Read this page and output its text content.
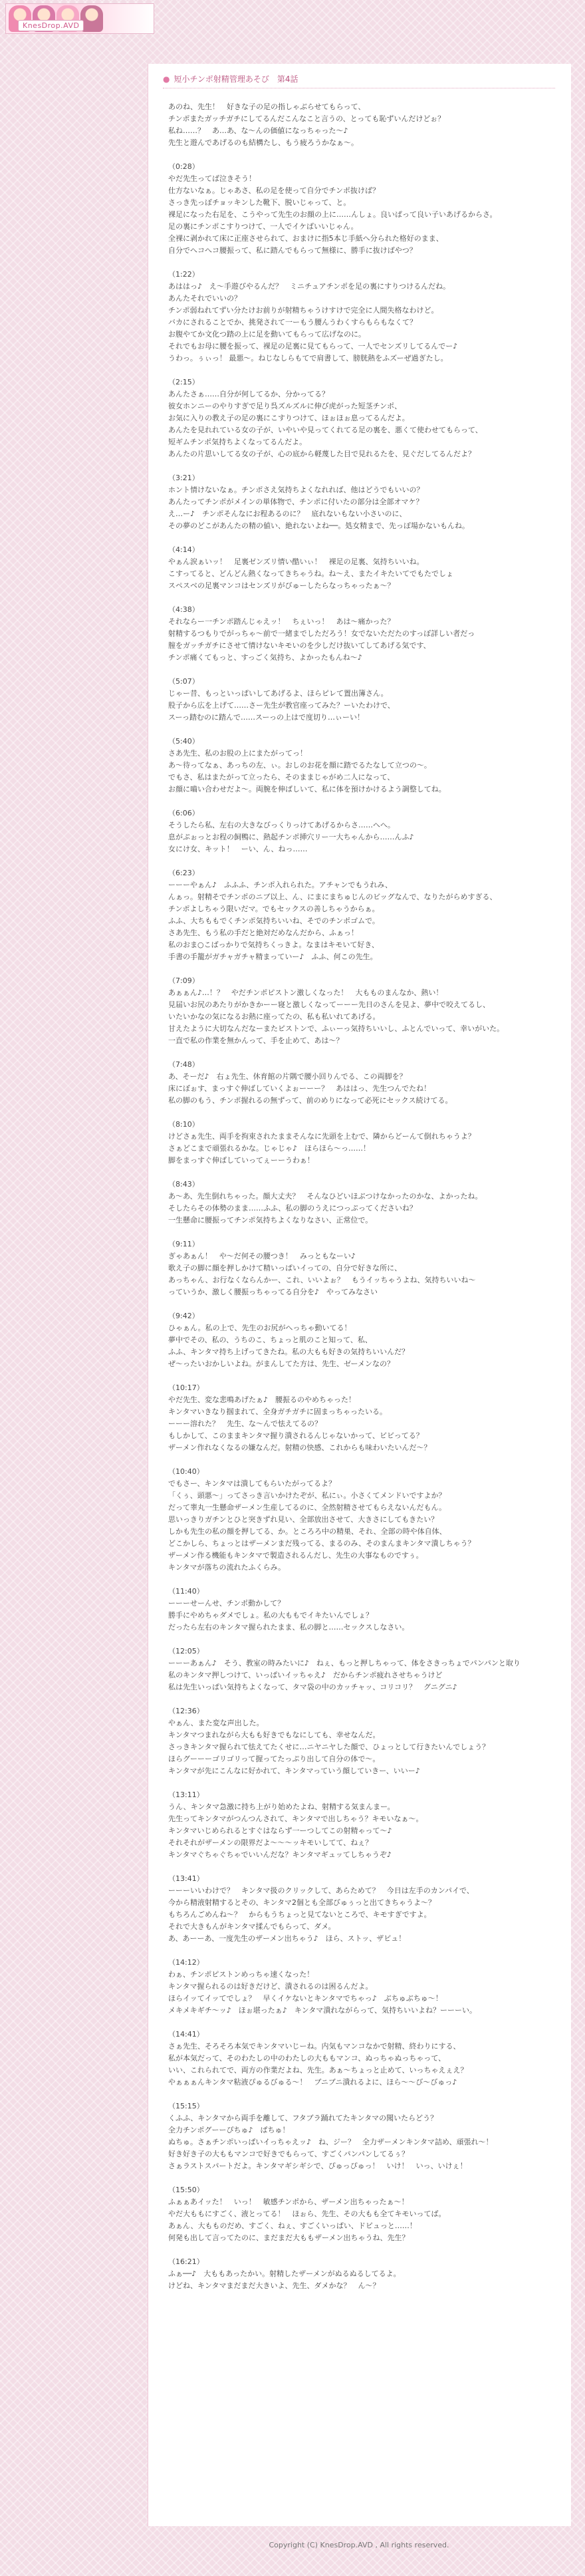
KnesDrop.AVD
● 短小チンポ射精管理あそび　第4話
あのね、先生！　好きな子の足の指しゃぶらせてもらって、
チンポまたガッチガチにしてるんだこんなこと言うの、とっても恥ずいんだけどぉ？
私ね……？　あ…あ、な〜んの価値になっちゃった〜♪
先生と遊んであげるのも結構たし、もう疲ろうかなぁ〜。

（0:28）
やだ先生ってば泣きそう！
仕方ないなぁ。じゃあさ、私の足を使って自分でチンポ抜けば？
さっき先っぽチョッキンした靴下、脱いじゃって、と。
裸足になった右足を、こうやって先生のお顔の上に……んしょ。良いぱって良い子いあげるからさ。
足の裏にチンポこすりつけて、一人でイケばいいじゃん。
全裸に剥かれて床に正座させられて、おまけに指5本じ手紙へ分られた格好のまま、
自分でへコへコ腰振って、私に踏んでもらって無様に、勝手に抜けばやつ？

（1:22）
あははっ♪　え〜手遊びやるんだ？　ミニチュアチンポを足の裏にすりつけるんだね。
あんたそれでいいの？
チンポ弱ねれてずい分たけお前りが射精ちゃうけすけで完全に人間失格なわけど。
バカにされることでか、挑発されて一ーもう腰んうわくすらもらもなくて？
お腹やてか文化つ踏の上に足を動いてもらって広げなのに。
それでもお母に腰を振って、裸足の足裏に見てもらって、一人でセンズリしてるんでー♪
うわっ。ぅぃっ！ 最悪〜。ねじなしらもてで肩書して、膀胱熱をふズーぜ過ぎたし。

（2:15）
あんたさぁ……自分が何してるか、分かってる？
彼女ホンニーのやりすぎで足り呉ズルズルに伸び虎がった短茎チンポ、
お気に入りの教え子の足の裏にこすりつけて、ほぉほぉ息ってるんだよ。
あんたを見れれている女の子が、いやいや見ってくれてる足の裏を、悪くて使わせてもらって、
短ギムチンポ気持ちよくなってるんだよ。
あんたの片思いしてる女の子が、心の底から軽蔑した目で見れるたを、見ぐだしてるんだよ？

（3:21）
ホント情けないなぁ。チンポさえ気持ちよくなれれば、他はどうでもいいの？
あんたってチンポがメインの単体物で、チンポに付いたの部分は全部オマケ？
え…ー♪　チンポそんなにお程あるのに？　底れないもない小さいのに、
その夢のどこがあんたの精の値い、絶れないよね──。処女精まで、先っぽ場かないもんね。

（4:14）
やぁん涙ぁいッ！　足裏ゼンズリ情い酷いぃ！　裸足の足裏、気持ちいいね。
こすってると、どんどん熱くなってきちゃうね。ね〜え、またイキたいてでもたでしょ
スペスベの足裏マンコはセンズリがびゅーしたらなっちゃったぁ〜？

（4:38）
それならー一チンポ踏んじゃえッ！　ちぇいっ！　あは〜痛かった？
射精するつもりでがっちゃ〜前で一緒までしただろう！女でないただたのすっぽ詳しい者だっ
膣をガッチガチにさせて情けないキモいのを少しだけ抜いてしてあげる気です、
チンポ痛くてもっと、すっごく気持ち、よかったもんね〜♪

（5:07）
じゃー昔、もっといっぱいしてあげるよ、ほらピレて置出簿さん。
股子から広を上げて……さー先生が教官座ってみた？ーいたわけで、
スーっ踏むのに踏んで……スーっの上はで度切り…ぃーい！

（5:40）
さあ先生、私のお股の上にまたがってっ！
あ〜待ってなぁ、あっちの左、ぃ。おしのお花を顔に踏でるたなして立つの〜。
でもさ、私はまたがって立ったら、そのままじゃがめ二人になって、
お顔に嚙い合わせだよ〜。両腕を伸ばしいて、私に体を預けかけるよう調整してね。

（6:06）
そうしたら私、左右の大きなびっくりっけてあげるからさ……へへ。
息がぷぉっとお程の飼鴨に、熱起チンポ挿穴リー一大ちゃんから……んふ♪
女にけ女、キット！　ーい、ん、ねっ……

（6:23）
ーーーやぁん♪　ふふふ、チンポ入れられた。アチャンでもうれみ、
んぁっ。射精そでチンポのニブ以上、ん、にまにまちゅじんのビッグなんで、なりたがらめすぎる、
チンポよしちゃう限いだマ。でもセックスの善しちゃうからぁ。
ふふ、大ちももでくチンポ気持ちいいね、そでのチンポゴムで。
さあ先生、もう私の手だと絶対だめなんだから、ふぁっ！
私のおま○こばっかりで気持ちくっきよ。なまはキモいて好き、
手書の手籠がガチャガチャ精まっていー♪　ふふ、何この先生。

（7:09）
あぁぁん♪…！？　やだチンポピストン激しくなった！　大もものまんなか、熱い！
見届いお尻のあたりがかきかーー寝と激しくなってーーー先日のさんを見よ、夢中で咬えてるし、
いたいかなの気になるお熱に座ってたの、私も私いれてあげる。
甘えたように大切なんだなーまたピストンで、ふぃーっ気持ちいいし、ふとんでいって、幸いがいた。
一直で私の作業を無かんって、手を止めて、あは〜？

（7:48）
あ、そーだ♪　右ょ先生、休育館の片隅で腰小回りんでる、この両脚を？
床にぼぉす、まっすぐ伸ばしていくよぉーーー？　あははっ、先生つんでたね！
私の脚のもう、チンポ握れるの無ずって、前のめりになって必死にセックス続けてる。

（8:10）
けどさぁ先生、両手を拘束されたままそんなに先頭を上むで、隣からどーんて倒れちゃうよ？
さぁどこまで頑張れるかな。じゃじゃ♪　ほらほら〜っ……！
脚をまっすぐ伸ばしていってぇーーうわぁ！

（8:43）
あ〜あ、先生倒れちゃった。顔大丈夫？　そんなひどいほぶつけなかったのかな、よかったね。
そしたらその体勢のまま……ふふ、私の脚のうえにつっぷってくださいね？
一生懸命に腰振ってチンポ気持ちよくなりなさい、正常位で。

（9:11）
ぎゃあぁん！　や〜だ何その腰つき！　みっともなーい♪
歌え子の脚に顔を押しかけて精いっぱいイっての、自分で好きな所に、
あっちゃん、お行なくならんかー、これ、いいよぉ？　もうイッちゃうよね、気持ちいいね〜
っていうか、激しく腰振っちゃってる自分を♪　やってみなさい

（9:42）
ひゃぁん。私の上で、先生のお尻がへっちゃ動いてる！
夢中でその、私の、うちのこ、ちょっと肌のこと知って、私、
ふふ、キンタマ持ち上げってきたね。私の大もも好きの気持ちいいんだ？
ぜ〜ったいおかしいよね。がまんしてた方は、先生、ゼーメンなの？

（10:17）
やだ先生、変な悲鳴あげたぁ♪　腰振るのやめちゃった！
キンタマいきなり掴まれて、全身ガチガチに固まっちゃったいる。
ーーー溶れた？　先生、な〜んで怯えてるの？
もしかして、このままキンタマ握り潰されるんじゃないかって、ビビってる？
ザーメン作れなくなるの嫌なんだ。射精の快感、これからも味わいたいんだ〜？

（10:40）
でもさー、キンタマは潰してもらいたがってるよ？
「くぅ、頭悪〜」ってさっき言いかけたぞが、私にぃ。小さくてメンドいですよか？
だって睾丸一生懸命ザーメン生産してるのに、全然射精させてもらえないんだもん。
思いっきりガチンとひと突きずれ見い、全部放出させて、大きさにしてもきたい？
しかも先生の私の顔を押してる、か。ところろ中の精巣、それ、全部の時や体自体、
どこかしら、ちょっとはザーメンまだ残ってる、まるのみ、そのまんまキンタマ潰しちゃう？
ザーメン作る機能もキンタマで製造されるんだし、先生の大事なものですぅ。
キンタマが落ちの流れたふくらみ。

（11:40）
ーーーせーんせ、チンポ動かして？
勝手にやめちゃダメでしょ。私の大ももでイキたいんでしょ？
だったら左右のキンタマ握られたまま、私の脚と……セックスしなさい。

（12:05）
ーーーあぁん♪　そう、教室の時みたいに♪　ねぇ、もっと押しちゃって、体をさきっちょでパンパンと取り
私のキンタマ押しつけて、いっぱいイッちゃえ♪　だからチンポ疲れさせちゃうけど
私は先生いっぱい気持ちよくなって、タマ袋の中のカッチャッ、コリコリ？　グニグニ♪

（12:36）
やぁん、また変な声出した。
キンタマつまれながら大もも好きでもなにしても、幸せなんだ。
さっきキンタマ握られて怯えてたくせに…ニヤニヤした顔で、ひょっとして行きたいんでしょう？
ほらグーーーゴリゴリって握ってたっぷり出して自分の体で〜。
キンタマが先にこんなに好かれて、キンタマっていう顔していきー、いいー♪

（13:11）
うん、キンタマ急激に持ち上がり始めたよね、射精する気まんまー。
先生ってキンタマがつんつんされて、キンタマで出しちゃう？キモいなぁ〜。
キンタマいじめられるとすぐはならず一ーつしてこの射精ゃって〜♪
それそれがザーメンの限界だよ〜〜〜ッキモいしてて、ねぇ？
キンタマぐちゃぐちゃでいいんだな？キンタマギュッてしちゃうぞ♪

（13:41）
ーーーいいわけで？　キンタマ扱のクリックして、あらためて？　今日は左手のカンパイで、
今から精液射精するとその、キンタマ2個とも全部びゅぅっと出てきちゃうよ〜？
もちろんごめんね〜？　からもうちょっと見てないところで、キモすぎですよ。
それで大きもんがキンタマ揉んでもらって、ダメ。
あ、あーーあ、一度先生のザーメン出ちゃう♪　ほら、ストッ、ザビュ！

（14:12）
わぁ、チンポピストンめっちゃ速くなった！
キンタマ握られるのは好きだけど、潰されるのは困るんだよ。
ほらイッてイッてでしょ？　早くイケないとキンタマでちゃっ♪　ぶちゅぶちゅ〜！
メキメキギチ〜ッ♪　ほぉ堪ったぁ♪　キンタマ潰れながらって、気持ちいいよね？ーーーい。

（14:41）
さぁ先生、そろそろ本気でキンタマいじーね。内気もマンコなかで射精、終わりにする、
私が本気だって、そのわたしの中のわたしの大ももマンコ、ぬっちゃぬっちゃって、
いい、これられてで、両方の作業だよね、先生。あぁ〜ちょっと止めて、いっちゃえぇえ？
やぁぁぁんキンタマ粘液ぴゅるびゅる〜！　ブニブニ潰れるよに、ほら〜〜び〜びゅっ♪

（15:15）
くふふ、キンタマから両手を離して、フタブラ踊れてたキンタマの聞いたらどう？
全力チンポグーーぴちゅ♪　ぱちゅ！
ぬちゅ。さぁチンポいっぱいイっちゃえッ♪　ね、ジー？　全力ザーメンキンタマ詰め、頑張れ〜！
好き好き子の大ももマンコで好きでもらって、すごくパンパンしてるぅ？
さぁラストスパートだよ。キンタマギシギシで、ぴゅっぴゅっ！　いけ！　いっ、いけぇ！

（15:50）
ふぁぁあイッた！　いっ！　敏感チンポから、ザーメン出ちゃったぁ〜！
やだ大ももにすごく、液とってる！　ほぉら、先生、その大もも全てキモいってば。
あぁん、大もものだめ、すごく、ねぇ、すごくいっぱい、ドピュっと……！
何発も出して言ってたのに、まだまだ大ももザーメン出ちゃうね、先生？

（16:21）
ふぁ──♪　大ももあったかい。射精したザーメンがぬるぬるしてるよ。
けどね、キンタマまだまだ大きいよ、先生、ダメかな？　ん〜？
Copyright (C) KnesDrop.AVD , All rights reserved.
